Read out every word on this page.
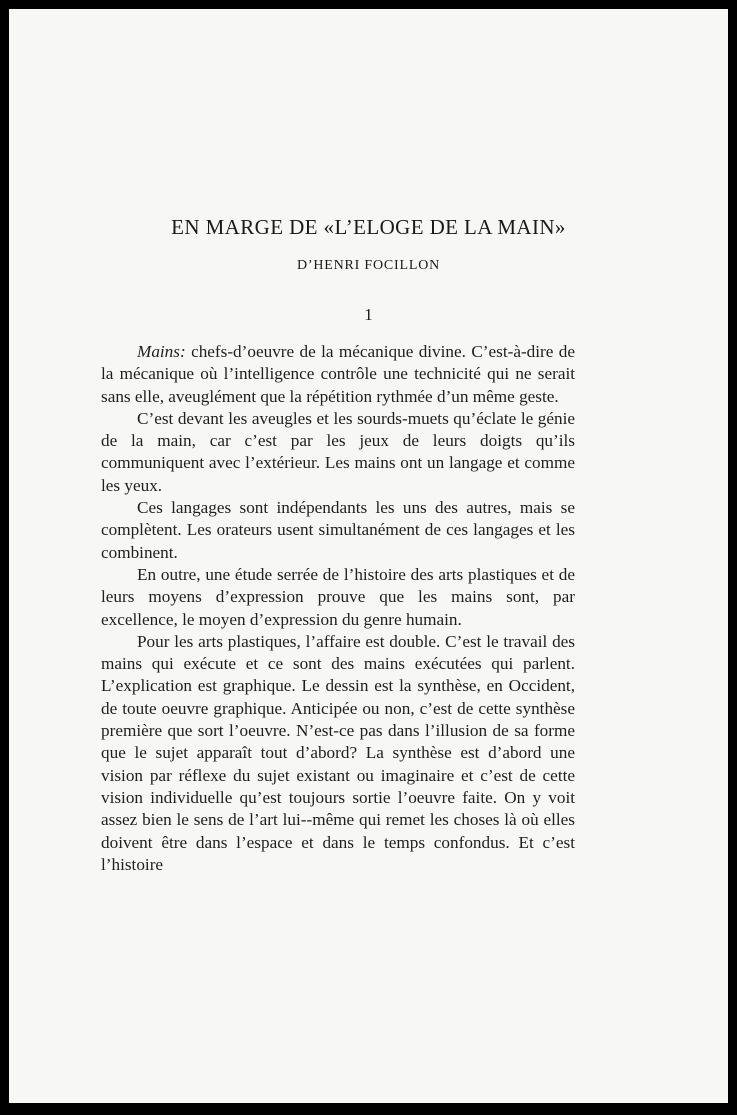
EN MARGE DE «L’ELOGE DE LA MAIN»
D’HENRI FOCILLON
1

Mains: chefs-d’oeuvre de la mécanique divine. C’est-à-dire de la mécanique où l’intelligence contrôle une technicité qui ne serait sans elle, aveuglément que la répétition rythmée d’un même geste.

C’est devant les aveugles et les sourds-muets qu’éclate le génie de la main, car c’est par les jeux de leurs doigts qu’ils communiquent avec l’extérieur. Les mains ont un langage et comme les yeux.

Ces langages sont indépendants les uns des autres, mais se complètent. Les orateurs usent simultanément de ces langages et les combinent.

En outre, une étude serrée de l’histoire des arts plastiques et de leurs moyens d’expression prouve que les mains sont, par excellence, le moyen d’expression du genre humain.

Pour les arts plastiques, l’affaire est double. C’est le travail des mains qui exécute et ce sont des mains exécutées qui parlent. L’explication est graphique. Le dessin est la synthèse, en Occident, de toute oeuvre graphique. Anticipée ou non, c’est de cette synthèse première que sort l’oeuvre. N’est-ce pas dans l’illusion de sa forme que le sujet apparaît tout d’abord? La synthèse est d’abord une vision par réflexe du sujet existant ou imaginaire et c’est de cette vision individuelle qu’est toujours sortie l’oeuvre faite. On y voit assez bien le sens de l’art lui--même qui remet les choses là où elles doivent être dans l’espace et dans le temps confondus. Et c’est l’histoire
